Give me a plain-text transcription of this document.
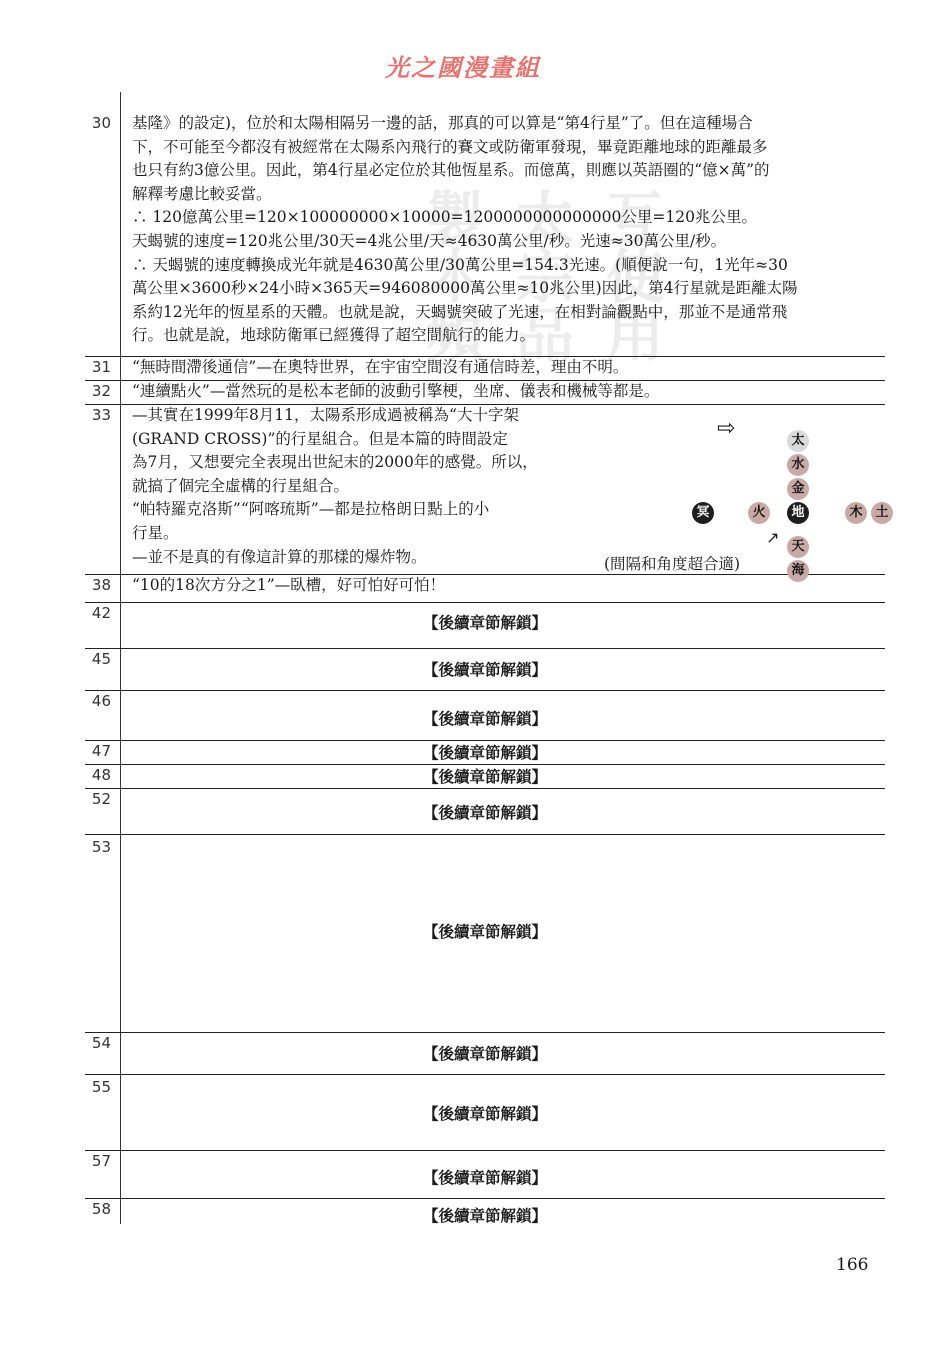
光之國漫畫組
製本頻 太宗品 互使用
30 基隆》的設定)，位於和太陽相隔另一邊的話，那真的可以算是“第4行星”了。但在這種場合

下，不可能至今都沒有被經常在太陽系內飛行的賽文或防衛軍發現，畢竟距離地球的距離最多

也只有約3億公里。因此，第4行星必定位於其他恆星系。而億萬，則應以英語圈的“億×萬”的

解釋考慮比較妥當。

∴ 120億萬公里=120×100000000×10000=1200000000000000公里=120兆公里。

天蝎號的速度=120兆公里/30天=4兆公里/天≈4630萬公里/秒。光速≈30萬公里/秒。

∴ 天蝎號的速度轉換成光年就是4630萬公里/30萬公里=154.3光速。(順便說一句，1光年≈30

萬公里×3600秒×24小時×365天=946080000萬公里≈10兆公里)因此，第4行星就是距離太陽

系約12光年的恆星系的天體。也就是說，天蝎號突破了光速，在相對論觀點中，那並不是通常飛

行。也就是說，地球防衛軍已經獲得了超空間航行的能力。

31 “無時間滯後通信”—在奧特世界，在宇宙空間沒有通信時差，理由不明。

32 “連續點火”—當然玩的是松本老師的波動引擎梗，坐席、儀表和機械等都是。

33 —其實在1999年8月11，太陽系形成過被稱為“大十字架

(GRAND CROSS)”的行星組合。但是本篇的時間設定

為7月，又想要完全表現出世紀末的2000年的感覺。所以，

就搞了個完全虛構的行星組合。

“帕特羅克洛斯”“阿喀琉斯”—都是拉格朗日點上的小

行星。

—並不是真的有像這計算的那樣的爆炸物。

⇨	太
水
金
地
冥	火	木 土
↗ 天
海
(間隔和角度超合適)
38 “10的18次方分之1”—臥槽，好可怕好可怕！

42	【後續章節解鎖】
45
【後續章節解鎖】
46
【後續章節解鎖】
47	【後續章節解鎖】
48	【後續章節解鎖】
52
【後續章節解鎖】
53
【後續章節解鎖】
54
【後續章節解鎖】
55
【後續章節解鎖】
57
【後續章節解鎖】
58	【後續章節解鎖】
166
